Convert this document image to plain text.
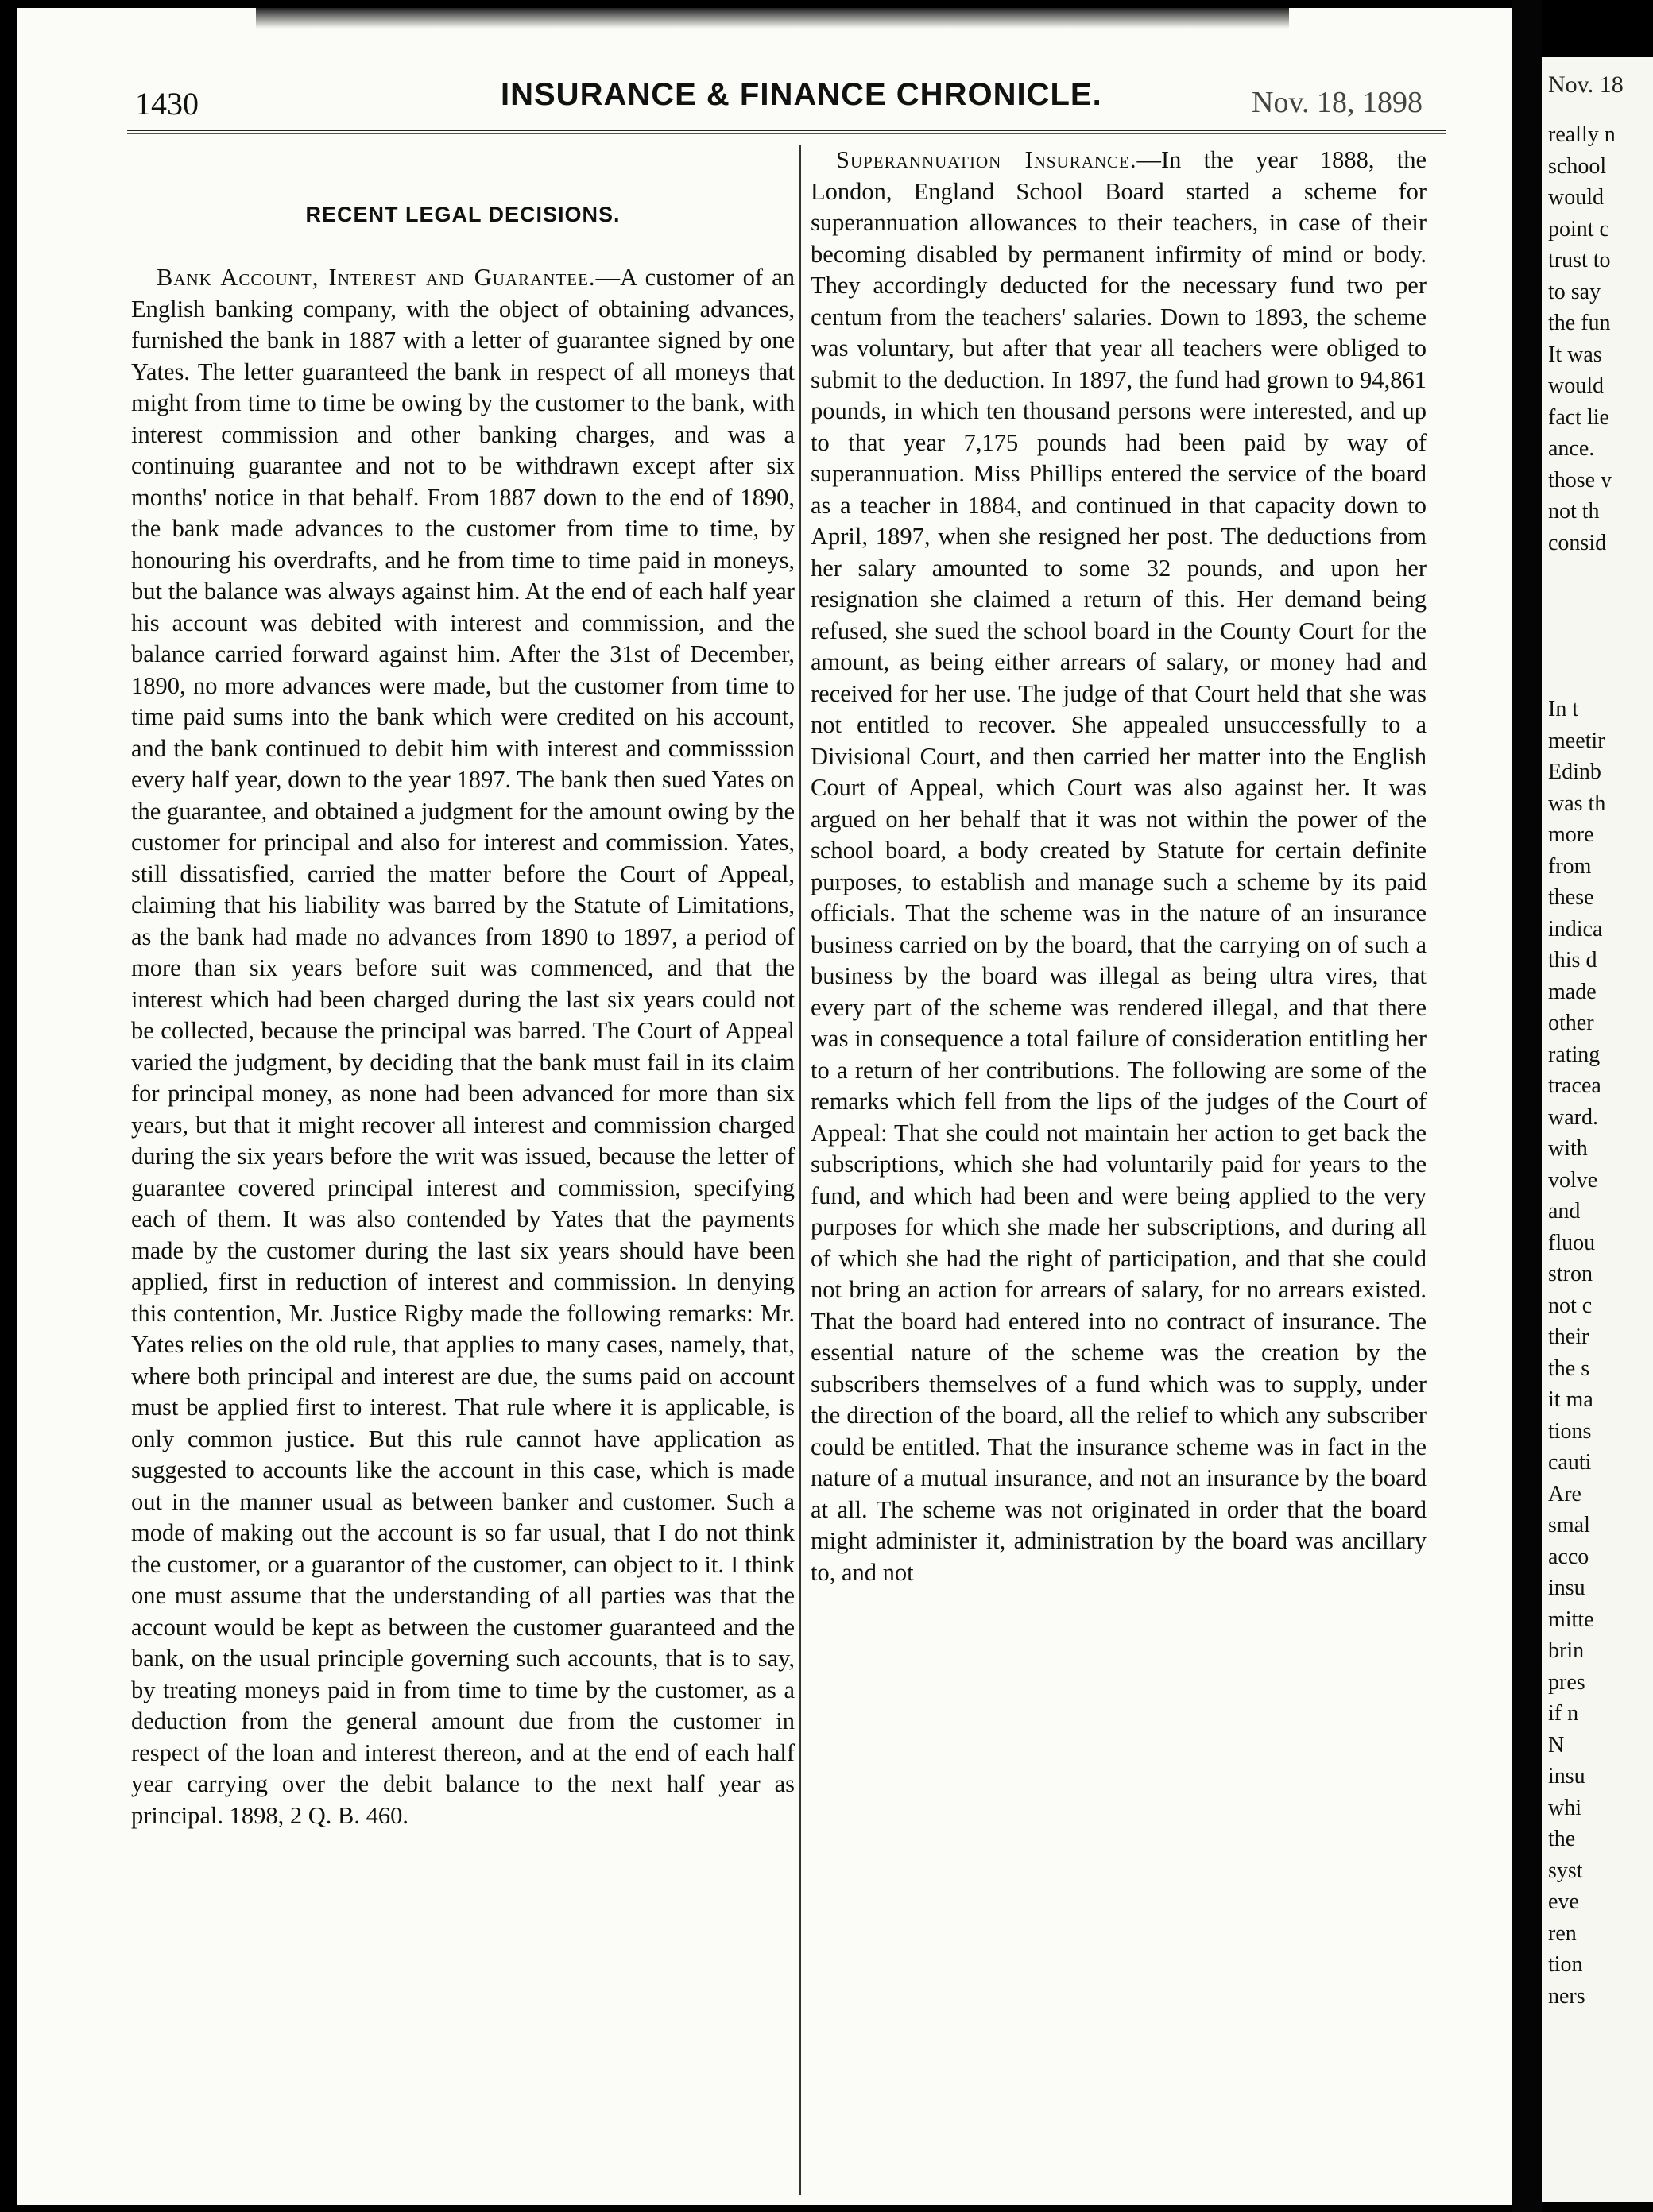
1430	INSURANCE & FINANCE CHRONICLE.	Nov. 18, 1898
RECENT LEGAL DECISIONS.

Bank Account, Interest and Guarantee.—A customer of an English banking company, with the object of obtaining advances, furnished the bank in 1887 with a letter of guarantee signed by one Yates. The letter guaranteed the bank in respect of all moneys that might from time to time be owing by the customer to the bank, with interest commission and other banking charges, and was a continuing guarantee and not to be withdrawn except after six months' notice in that behalf. From 1887 down to the end of 1890, the bank made advances to the customer from time to time, by honouring his overdrafts, and he from time to time paid in moneys, but the balance was always against him. At the end of each half year his account was debited with interest and commission, and the balance carried forward against him. After the 31st of December, 1890, no more advances were made, but the customer from time to time paid sums into the bank which were credited on his account, and the bank continued to debit him with interest and commisssion every half year, down to the year 1897. The bank then sued Yates on the guarantee, and obtained a judgment for the amount owing by the customer for principal and also for interest and commission. Yates, still dissatisfied, carried the matter before the Court of Appeal, claiming that his liability was barred by the Statute of Limitations, as the bank had made no advances from 1890 to 1897, a period of more than six years before suit was commenced, and that the interest which had been charged during the last six years could not be collected, because the principal was barred. The Court of Appeal varied the judgment, by deciding that the bank must fail in its claim for principal money, as none had been advanced for more than six years, but that it might recover all interest and commission charged during the six years before the writ was issued, because the letter of guarantee covered principal interest and commission, specifying each of them. It was also contended by Yates that the payments made by the customer during the last six years should have been applied, first in reduction of interest and commission. In denying this contention, Mr. Justice Rigby made the following remarks: Mr. Yates relies on the old rule, that applies to many cases, namely, that, where both principal and interest are due, the sums paid on account must be applied first to interest. That rule where it is applicable, is only common justice. But this rule cannot have application as suggested to accounts like the account in this case, which is made out in the manner usual as between banker and customer. Such a mode of making out the account is so far usual, that I do not think the customer, or a guarantor of the customer, can object to it. I think one must assume that the understanding of all parties was that the account would be kept as between the customer guaranteed and the bank, on the usual principle governing such accounts, that is to say, by treating moneys paid in from time to time by the customer, as a deduction from the general amount due from the customer in respect of the loan and interest thereon, and at the end of each half year carrying over the debit balance to the next half year as principal. 1898, 2 Q. B. 460.

Superannuation Insurance.—In the year 1888, the London, England School Board started a scheme for superannuation allowances to their teachers, in case of their becoming disabled by permanent infirmity of mind or body. They accordingly deducted for the necessary fund two per centum from the teachers' salaries. Down to 1893, the scheme was voluntary, but after that year all teachers were obliged to submit to the deduction. In 1897, the fund had grown to 94,861 pounds, in which ten thousand persons were interested, and up to that year 7,175 pounds had been paid by way of superannuation. Miss Phillips entered the service of the board as a teacher in 1884, and continued in that capacity down to April, 1897, when she resigned her post. The deductions from her salary amounted to some 32 pounds, and upon her resignation she claimed a return of this. Her demand being refused, she sued the school board in the County Court for the amount, as being either arrears of salary, or money had and received for her use. The judge of that Court held that she was not entitled to recover. She appealed unsuccessfully to a Divisional Court, and then carried her matter into the English Court of Appeal, which Court was also against her. It was argued on her behalf that it was not within the power of the school board, a body created by Statute for certain definite purposes, to establish and manage such a scheme by its paid officials. That the scheme was in the nature of an insurance business carried on by the board, that the carrying on of such a business by the board was illegal as being ultra vires, that every part of the scheme was rendered illegal, and that there was in consequence a total failure of consideration entitling her to a return of her contributions. The following are some of the remarks which fell from the lips of the judges of the Court of Appeal: That she could not maintain her action to get back the subscriptions, which she had voluntarily paid for years to the fund, and which had been and were being applied to the very purposes for which she made her subscriptions, and during all of which she had the right of participation, and that she could not bring an action for arrears of salary, for no arrears existed. That the board had entered into no contract of insurance. The essential nature of the scheme was the creation by the subscribers themselves of a fund which was to supply, under the direction of the board, all the relief to which any subscriber could be entitled. That the insurance scheme was in fact in the nature of a mutual insurance, and not an insurance by the board at all. The scheme was not originated in order that the board might administer it, administration by the board was ancillary to, and not

Nov. 18
really n
school
would
point c
trust to
to say
the fun
It was
would
fact lie
ance.
those v
not th
consid
In t
meetir
Edinb
was th
more
from
these
indica
this d
made
other
rating
tracea
ward.
with
volve
and
fluou
stron
not c
their
the s
it ma
tions
cauti
Are
smal
acco
insu
mitte
brin
pres
if n
N
insu
whi
the
syst
eve
ren
tion
ners
